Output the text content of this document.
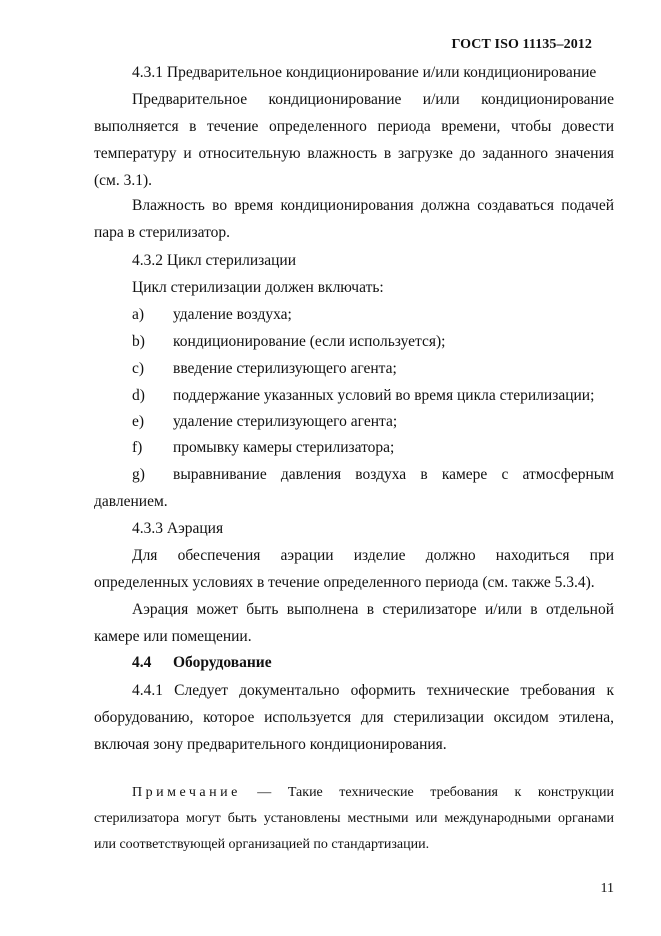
ГОСТ ISO 11135–2012
4.3.1 Предварительное кондиционирование и/или кондиционирование
Предварительное кондиционирование и/или кондиционирование выполняется в течение определенного периода времени, чтобы довести температуру и относительную влажность в загрузке до заданного значения (см. 3.1).
Влажность во время кондиционирования должна создаваться подачей пара в стерилизатор.
4.3.2 Цикл стерилизации
Цикл стерилизации должен включать:
a) удаление воздуха;
b) кондиционирование (если используется);
c) введение стерилизующего агента;
d) поддержание указанных условий во время цикла стерилизации;
e) удаление стерилизующего агента;
f) промывку камеры стерилизатора;
g) выравнивание давления воздуха в камере с атмосферным
давлением.
4.3.3 Аэрация
Для обеспечения аэрации изделие должно находиться при определенных условиях в течение определенного периода (см. также 5.3.4).
Аэрация может быть выполнена в стерилизаторе и/или в отдельной камере или помещении.
4.4 Оборудование
4.4.1 Следует документально оформить технические требования к оборудованию, которое используется для стерилизации оксидом этилена, включая зону предварительного кондиционирования.
Примечание — Такие технические требования к конструкции стерилизатора могут быть установлены местными или международными органами или соответствующей организацией по стандартизации.
11
